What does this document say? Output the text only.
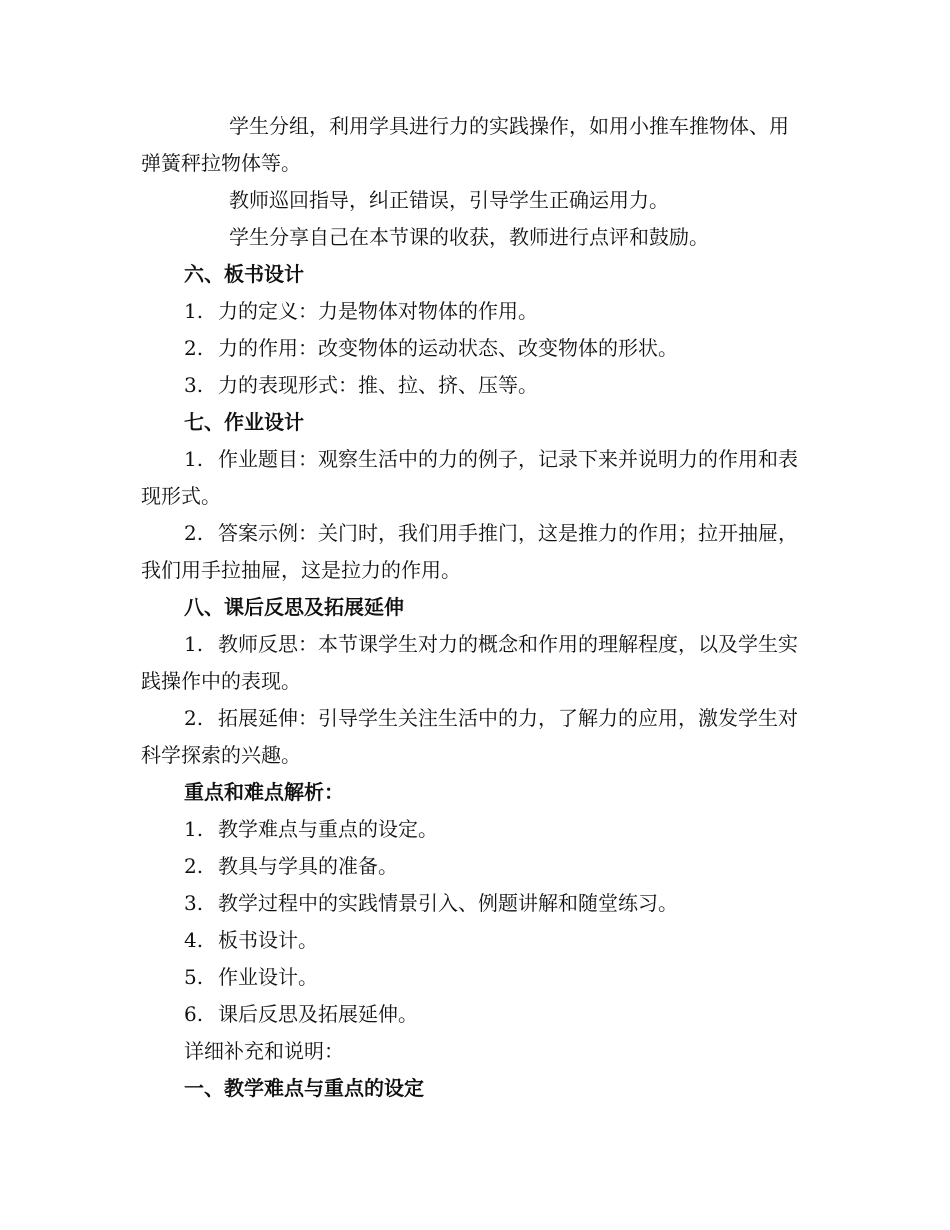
学生分组，利用学具进行力的实践操作，如用小推车推物体、用弹簧秤拉物体等。

教师巡回指导，纠正错误，引导学生正确运用力。

学生分享自己在本节课的收获，教师进行点评和鼓励。

六、板书设计

1. 力的定义：力是物体对物体的作用。

2. 力的作用：改变物体的运动状态、改变物体的形状。

3. 力的表现形式：推、拉、挤、压等。

七、作业设计

1. 作业题目：观察生活中的力的例子，记录下来并说明力的作用和表现形式。

2. 答案示例：关门时，我们用手推门，这是推力的作用；拉开抽屉，我们用手拉抽屉，这是拉力的作用。

八、课后反思及拓展延伸

1. 教师反思：本节课学生对力的概念和作用的理解程度，以及学生实践操作中的表现。

2. 拓展延伸：引导学生关注生活中的力，了解力的应用，激发学生对科学探索的兴趣。

重点和难点解析：

1. 教学难点与重点的设定。

2. 教具与学具的准备。

3. 教学过程中的实践情景引入、例题讲解和随堂练习。

4. 板书设计。

5. 作业设计。

6. 课后反思及拓展延伸。

详细补充和说明：

一、教学难点与重点的设定
